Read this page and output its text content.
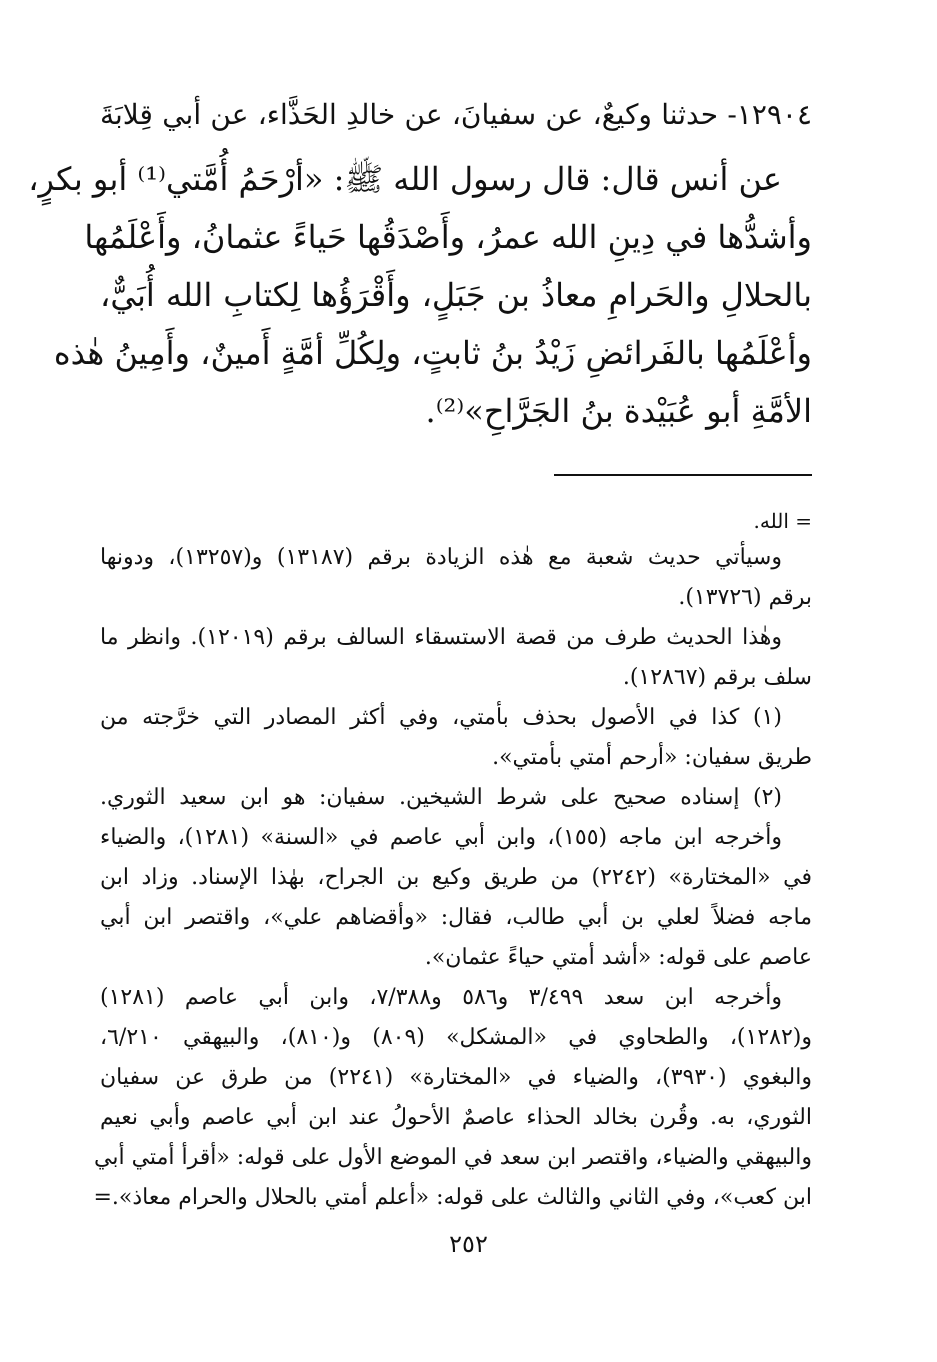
١٢٩٠٤- حدثنا وكيعٌ، عن سفيانَ، عن خالدِ الحَذَّاء، عن أبي قِلابَةَ
عن أنس قال: قال رسول الله ﷺ: «أرْحَمُ أُمَّتي⁽¹⁾ أبو بكرٍ،
وأشدُّها في دِينِ الله عمرُ، وأَصْدَقُها حَياءً عثمانُ، وأَعْلَمُها
بالحلالِ والحَرامِ معاذُ بن جَبَلٍ، وأَقْرَؤُها لِكتابِ الله أُبَيٌّ،
وأعْلَمُها بالفَرائضِ زَيْدُ بنُ ثابتٍ، ولِكُلِّ أمَّةٍ أَمينٌ، وأَمِينُ هٰذه
الأمَّةِ أبو عُبَيْدة بنُ الجَرَّاحِ»⁽²⁾.
= الله.
وسيأتي حديث شعبة مع هٰذه الزيادة برقم (١٣١٨٧) و(١٣٢٥٧)، ودونها
برقم (١٣٧٢٦).
وهٰذا الحديث طرف من قصة الاستسقاء السالف برقم (١٢٠١٩). وانظر ما
سلف برقم (١٢٨٦٧).
(١) كذا في الأصول بحذف بأمتي، وفي أكثر المصادر التي خرَّجته من
طريق سفيان: «أرحم أمتي بأمتي».
(٢) إسناده صحيح على شرط الشيخين. سفيان: هو ابن سعيد الثوري.
وأخرجه ابن ماجه (١٥٥)، وابن أبي عاصم في «السنة» (١٢٨١)، والضياء
في «المختارة» (٢٢٤٢) من طريق وكيع بن الجراح، بهٰذا الإسناد. وزاد ابن
ماجه فضلاً لعلي بن أبي طالب، فقال: «وأقضاهم علي»، واقتصر ابن أبي
عاصم على قوله: «أشد أمتي حياءً عثمان».
وأخرجه ابن سعد ٣/٤٩٩ و٥٨٦ و٧/٣٨٨، وابن أبي عاصم (١٢٨١)
و(١٢٨٢)، والطحاوي في «المشكل» (٨٠٩) و(٨١٠)، والبيهقي ٦/٢١٠،
والبغوي (٣٩٣٠)، والضياء في «المختارة» (٢٢٤١) من طرق عن سفيان
الثوري، به. وقُرن بخالد الحذاء عاصمٌ الأحولُ عند ابن أبي عاصم وأبي نعيم
والبيهقي والضياء، واقتصر ابن سعد في الموضع الأول على قوله: «أقرأ أمتي أبي
ابن كعب»، وفي الثاني والثالث على قوله: «أعلم أمتي بالحلال والحرام معاذ».=
٢٥٢
